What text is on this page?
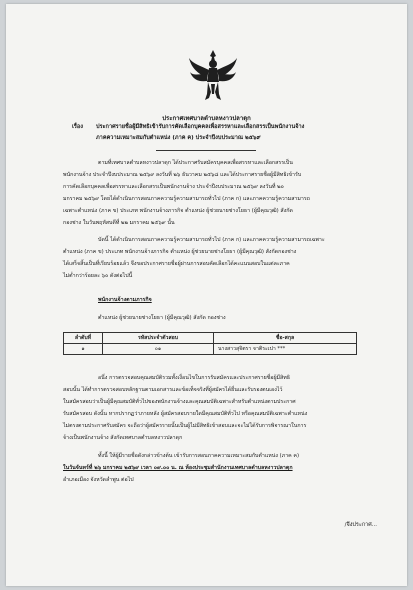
ประกาศเทศบาลตำบลหงาวปลาดุก
เรื่อง ประกาศรายชื่อผู้มีสิทธิเข้ารับการคัดเลือกบุคคลเพื่อสรรหาและเลือกสรรเป็นพนักงานจ้าง
ภาคความเหมาะสมกับตำแหน่ง (ภาค ค) ประจำปีงบประมาณ ๒๕๖๙
ตามที่เทศบาลตำบลหงาวปลาดุก ได้ประกาศรับสมัครบุคคลเพื่อสรรหาและเลือกสรรเป็น
พนักงานจ้าง ประจำปีงบประมาณ ๒๕๖๙ ลงวันที่ ๒๖ ธันวาคม ๒๕๖๘ และได้ประกาศรายชื่อผู้มีสิทธิเข้ารับ
การคัดเลือกบุคคลเพื่อสรรหาและเลือกสรรเป็นพนักงานจ้าง ประจำปีงบประมาณ ๒๕๖๙ ลงวันที่ ๒๐
มกราคม ๒๕๖๙ โดยได้ดำเนินการสอบภาคความรู้ความสามารถทั่วไป (ภาค ก) และภาคความรู้ความสามารถ
เฉพาะตำแหน่ง (ภาค ข) ประเภท พนักงานจ้างภารกิจ ตำแหน่ง ผู้ช่วยนายช่างโยธา (ผู้มีคุณวุฒิ) สังกัด
กองช่าง ในวันพฤหัสบดีที่ ๒๒ มกราคม ๒๕๖๙ นั้น
บัดนี้ ได้ดำเนินการสอบภาคความรู้ความสามารถทั่วไป (ภาค ก) และภาคความรู้ความสามารถเฉพาะ
ตำแหน่ง (ภาค ข) ประเภท พนักงานจ้างภารกิจ ตำแหน่ง ผู้ช่วยนายช่างโยธา (ผู้มีคุณวุฒิ) สังกัดกองช่าง
ได้เสร็จสิ้นเป็นที่เรียบร้อยแล้ว จึงขอประกาศรายชื่อผู้ผ่านการสอบคัดเลือกได้คะแนนสอบในแต่ละภาค
ไม่ต่ำกว่าร้อยละ ๖๐ ดังต่อไปนี้
พนักงานจ้างตามภารกิจ
ตำแหน่ง ผู้ช่วยนายช่างโยธา (ผู้มีคุณวุฒิ) สังกัด กองช่าง
ลำดับที่	รหัสประจำตัวสอบ	ชื่อ-สกุล
๑	๐๑	นางสาวสุจิตรา จาติระเปา ***
อนึ่ง การตรวจสอบคุณสมบัติรวมทั้งเงื่อนไขในการรับสมัครและประกาศรายชื่อผู้มีสิทธิ
สอบนั้น ได้ทำการตรวจสอบหลักฐานตามเอกสารและข้อเท็จจริงที่ผู้สมัครได้ยื่นและรับรองตนเองไว้
ในสมัครสอบว่าเป็นผู้มีคุณสมบัติทั่วไปของพนักงานจ้างและคุณสมบัติเฉพาะสำหรับตำแหน่งตามประกาศ
รับสมัครสอบ ดังนั้น หากปรากฏว่าภายหลัง ผู้สมัครสอบรายใดมีคุณสมบัติทั่วไป หรือคุณสมบัติเฉพาะตำแหน่ง
ไม่ตรงตามประกาศรับสมัคร จะถือว่าผู้สมัครรายนั้นเป็นผู้ไม่มีสิทธิเข้าสอบและจะไม่ได้รับการพิจารณาในการ
จ้างเป็นพนักงานจ้าง สังกัดเทศบาลตำบลหงาวปลาดุก
ทั้งนี้ ให้ผู้มีรายชื่อดังกล่าวข้างต้น เข้ารับการสอบภาคความเหมาะสมกับตำแหน่ง (ภาค ค)
ในวันจันทร์ที่ ๒๖ มกราคม ๒๕๖๙ เวลา ๐๙.๐๐ น. ณ ห้องประชุมสำนักงานเทศบาลตำบลหงาวปลาดุก
อำเภอเมือง จังหวัดลำพูน ต่อไป
/จึงประกาศ...
